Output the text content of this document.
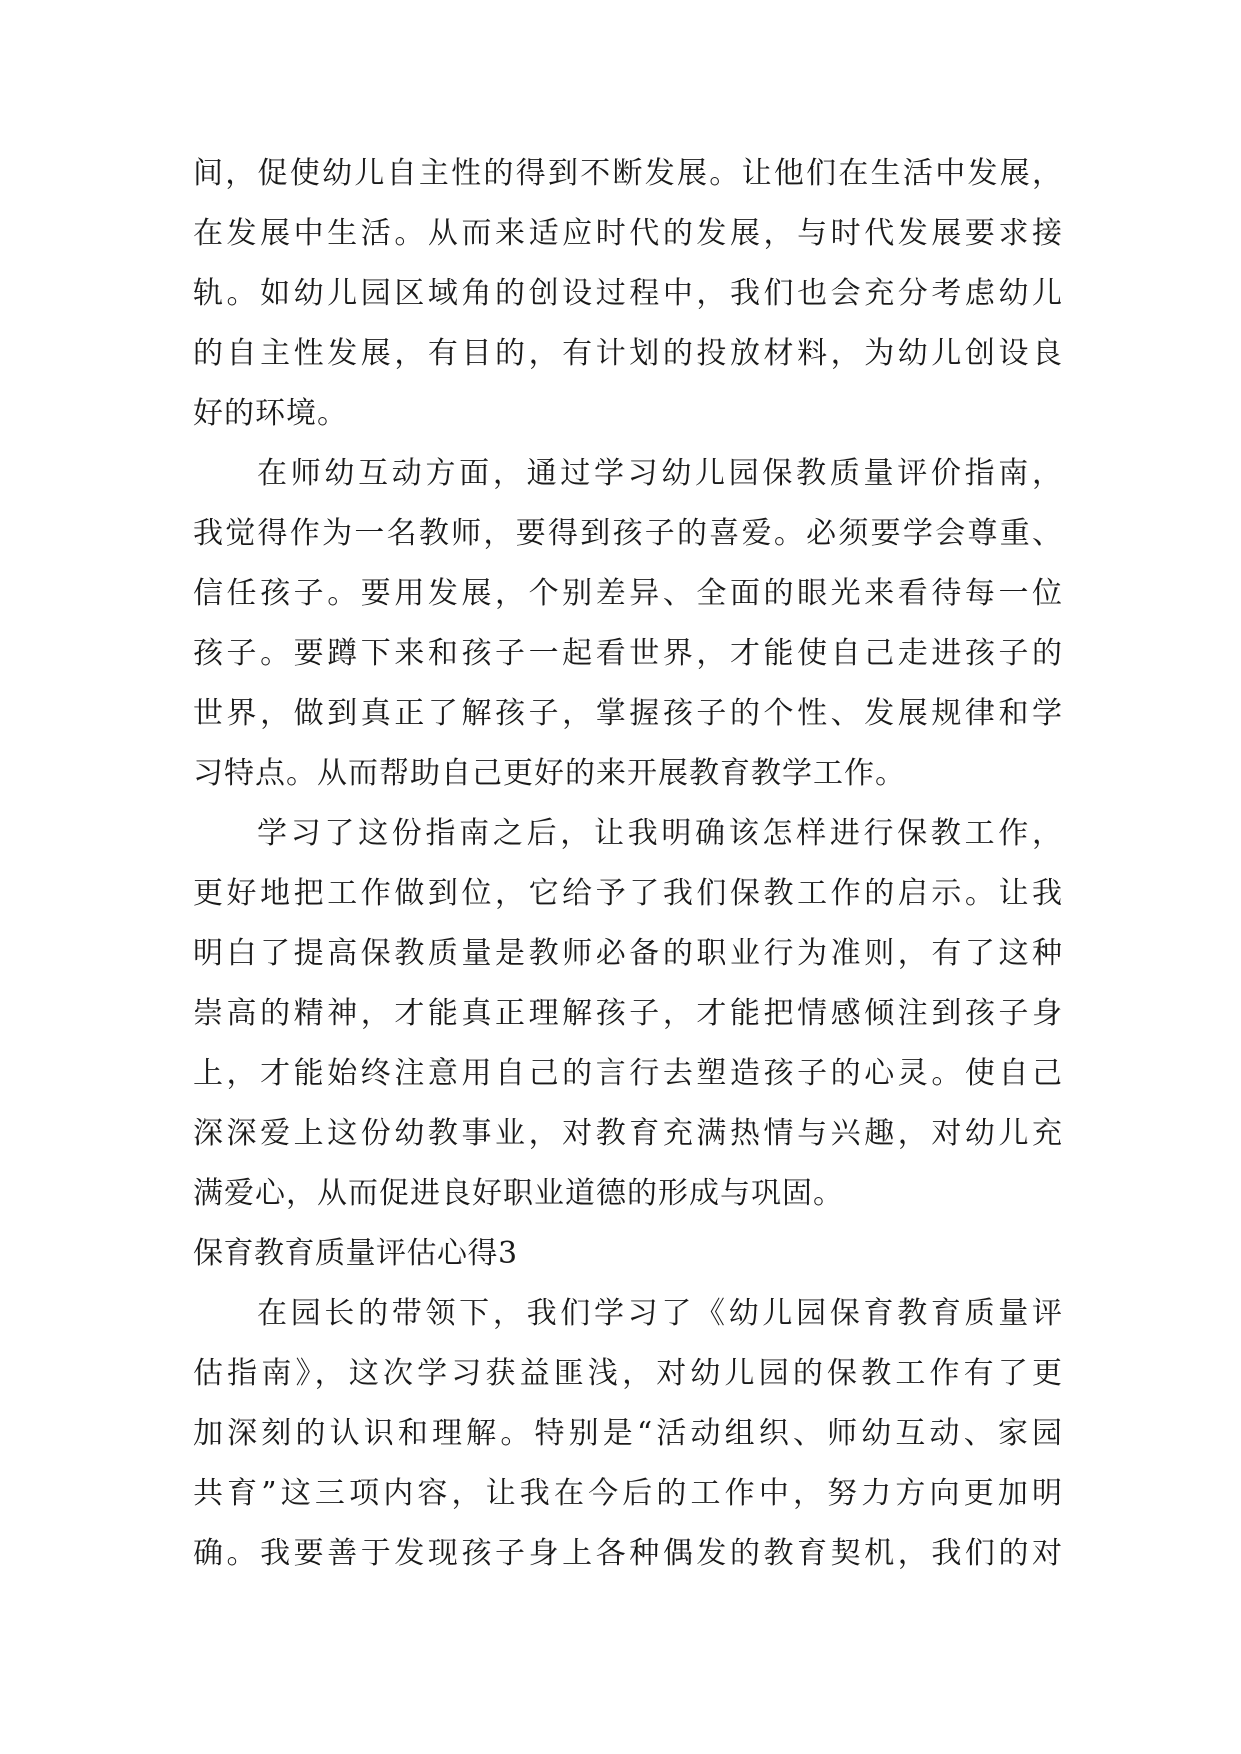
间，促使幼儿自主性的得到不断发展。让他们在生活中发展，
在发展中生活。从而来适应时代的发展，与时代发展要求接
轨。如幼儿园区域角的创设过程中，我们也会充分考虑幼儿
的自主性发展，有目的，有计划的投放材料，为幼儿创设良
好的环境。
在师幼互动方面，通过学习幼儿园保教质量评价指南，
我觉得作为一名教师，要得到孩子的喜爱。必须要学会尊重、
信任孩子。要用发展，个别差异、全面的眼光来看待每一位
孩子。要蹲下来和孩子一起看世界，才能使自己走进孩子的
世界，做到真正了解孩子，掌握孩子的个性、发展规律和学
习特点。从而帮助自己更好的来开展教育教学工作。
学习了这份指南之后，让我明确该怎样进行保教工作，
更好地把工作做到位，它给予了我们保教工作的启示。让我
明白了提高保教质量是教师必备的职业行为准则，有了这种
崇高的精神，才能真正理解孩子，才能把情感倾注到孩子身
上，才能始终注意用自己的言行去塑造孩子的心灵。使自己
深深爱上这份幼教事业，对教育充满热情与兴趣，对幼儿充
满爱心，从而促进良好职业道德的形成与巩固。
保育教育质量评估心得3
在园长的带领下，我们学习了《幼儿园保育教育质量评
估指南》，这次学习获益匪浅，对幼儿园的保教工作有了更
加深刻的认识和理解。特别是“活动组织、师幼互动、家园
共育”这三项内容，让我在今后的工作中，努力方向更加明
确。我要善于发现孩子身上各种偶发的教育契机，我们的对
